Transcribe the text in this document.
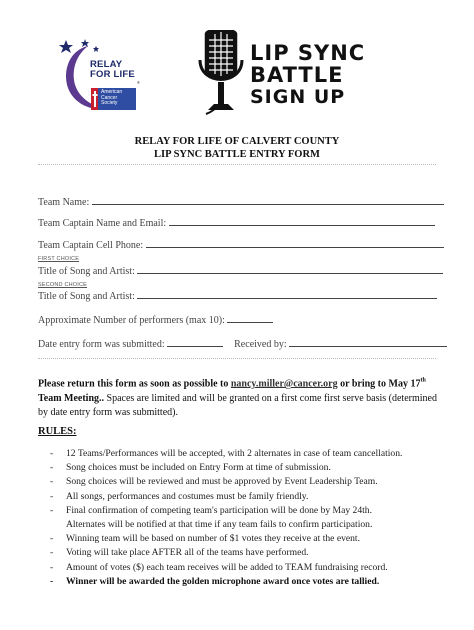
RELAY
FOR LIFE
®
American
Cancer
Society
LIP SYNC
BATTLE
SIGN UP
RELAY FOR LIFE OF CALVERT COUNTY
LIP SYNC BATTLE ENTRY FORM
Team Name:
Team Captain Name and Email:
Team Captain Cell Phone:
FIRST CHOICE
Title of Song and Artist:
SECOND CHOICE
Title of Song and Artist:
Approximate Number of performers (max 10):
Date entry form was submitted:	Received by:
Please return this form as soon as possible to nancy.miller@cancer.org or bring to May 17th Team Meeting.. Spaces are limited and will be granted on a first come first serve basis (determined by date entry form was submitted).
RULES:
- 12 Teams/Performances will be accepted, with 2 alternates in case of team cancellation.
- Song choices must be included on Entry Form at time of submission.
- Song choices will be reviewed and must be approved by Event Leadership Team.
- All songs, performances and costumes must be family friendly.
- Final confirmation of competing team's participation will be done by May 24th.
Alternates will be notified at that time if any team fails to confirm participation.
- Winning team will be based on number of $1 votes they receive at the event.
- Voting will take place AFTER all of the teams have performed.
- Amount of votes ($) each team receives will be added to TEAM fundraising record.
- Winner will be awarded the golden microphone award once votes are tallied.
